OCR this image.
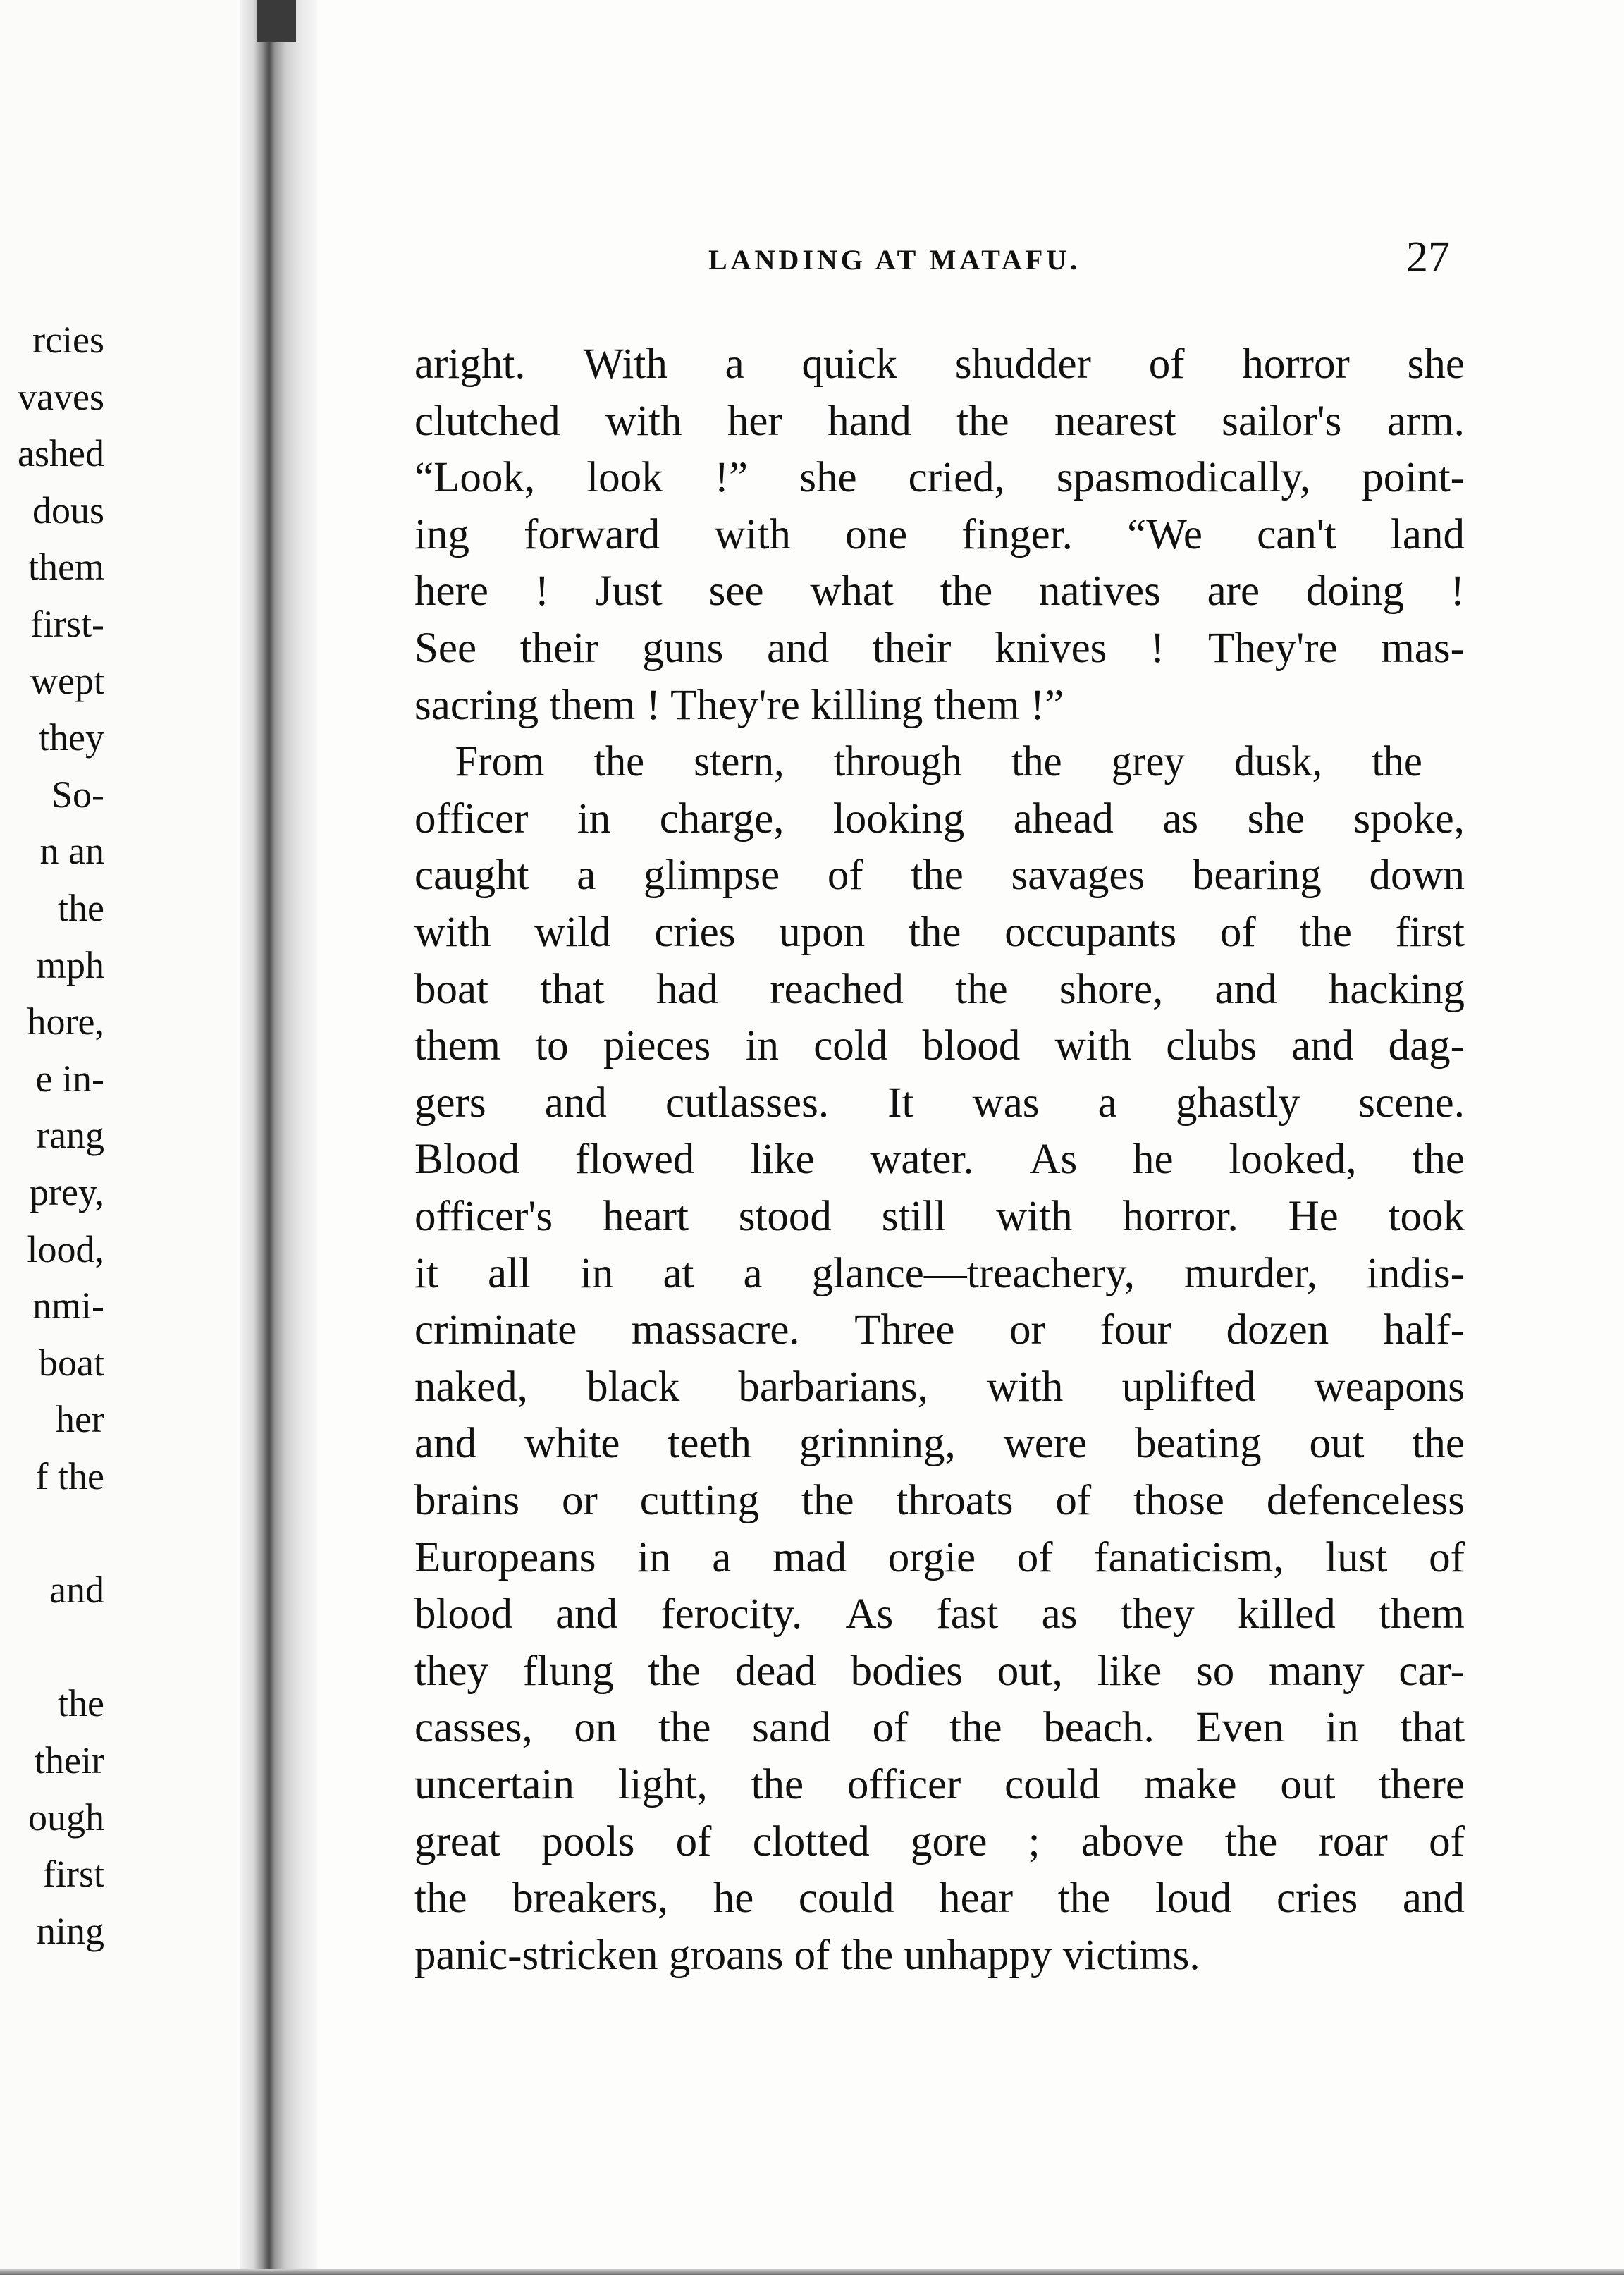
rcies
vaves
ashed
dous
them
first-
wept
they
So-
n an
the
mph
hore,
e in-
rang
prey,
lood,
nmi-
boat
her
f the
and
the
their
ough
first
ning
LANDING AT MATAFU.	27
aright. With a quick shudder of horror she
clutched with her hand the nearest sailor's arm.
“Look, look !” she cried, spasmodically, point-
ing forward with one finger. “We can't land
here ! Just see what the natives are doing !
See their guns and their knives ! They're mas-
sacring them ! They're killing them !”
From the stern, through the grey dusk, the
officer in charge, looking ahead as she spoke,
caught a glimpse of the savages bearing down
with wild cries upon the occupants of the first
boat that had reached the shore, and hacking
them to pieces in cold blood with clubs and dag-
gers and cutlasses. It was a ghastly scene.
Blood flowed like water. As he looked, the
officer's heart stood still with horror. He took
it all in at a glance—treachery, murder, indis-
criminate massacre. Three or four dozen half-
naked, black barbarians, with uplifted weapons
and white teeth grinning, were beating out the
brains or cutting the throats of those defenceless
Europeans in a mad orgie of fanaticism, lust of
blood and ferocity. As fast as they killed them
they flung the dead bodies out, like so many car-
casses, on the sand of the beach. Even in that
uncertain light, the officer could make out there
great pools of clotted gore ; above the roar of
the breakers, he could hear the loud cries and
panic-stricken groans of the unhappy victims.
